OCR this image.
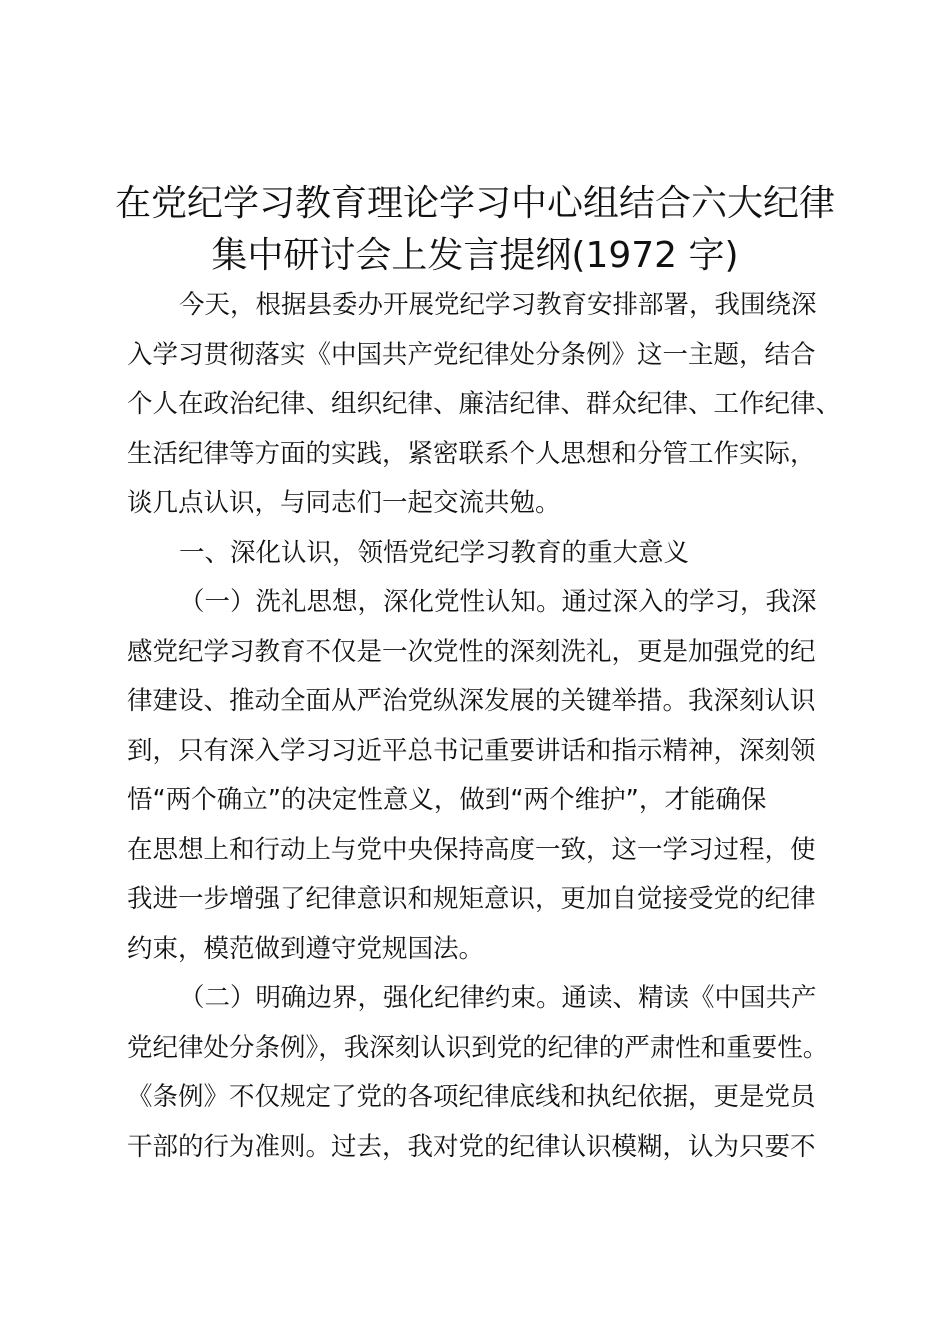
在党纪学习教育理论学习中心组结合六大纪律
集中研讨会上发言提纲(1972 字)
今天，根据县委办开展党纪学习教育安排部署，我围绕深
入学习贯彻落实《中国共产党纪律处分条例》这一主题，结合
个人在政治纪律、组织纪律、廉洁纪律、群众纪律、工作纪律、
生活纪律等方面的实践，紧密联系个人思想和分管工作实际，
谈几点认识，与同志们一起交流共勉。
一、深化认识，领悟党纪学习教育的重大意义
（一）洗礼思想，深化党性认知。通过深入的学习，我深
感党纪学习教育不仅是一次党性的深刻洗礼，更是加强党的纪
律建设、推动全面从严治党纵深发展的关键举措。我深刻认识
到，只有深入学习习近平总书记重要讲话和指示精神，深刻领
悟“两个确立”的决定性意义，做到“两个维护”，才能确保
在思想上和行动上与党中央保持高度一致，这一学习过程，使
我进一步增强了纪律意识和规矩意识，更加自觉接受党的纪律
约束，模范做到遵守党规国法。
（二）明确边界，强化纪律约束。通读、精读《中国共产
党纪律处分条例》，我深刻认识到党的纪律的严肃性和重要性。
《条例》不仅规定了党的各项纪律底线和执纪依据，更是党员
干部的行为准则。过去，我对党的纪律认识模糊，认为只要不
